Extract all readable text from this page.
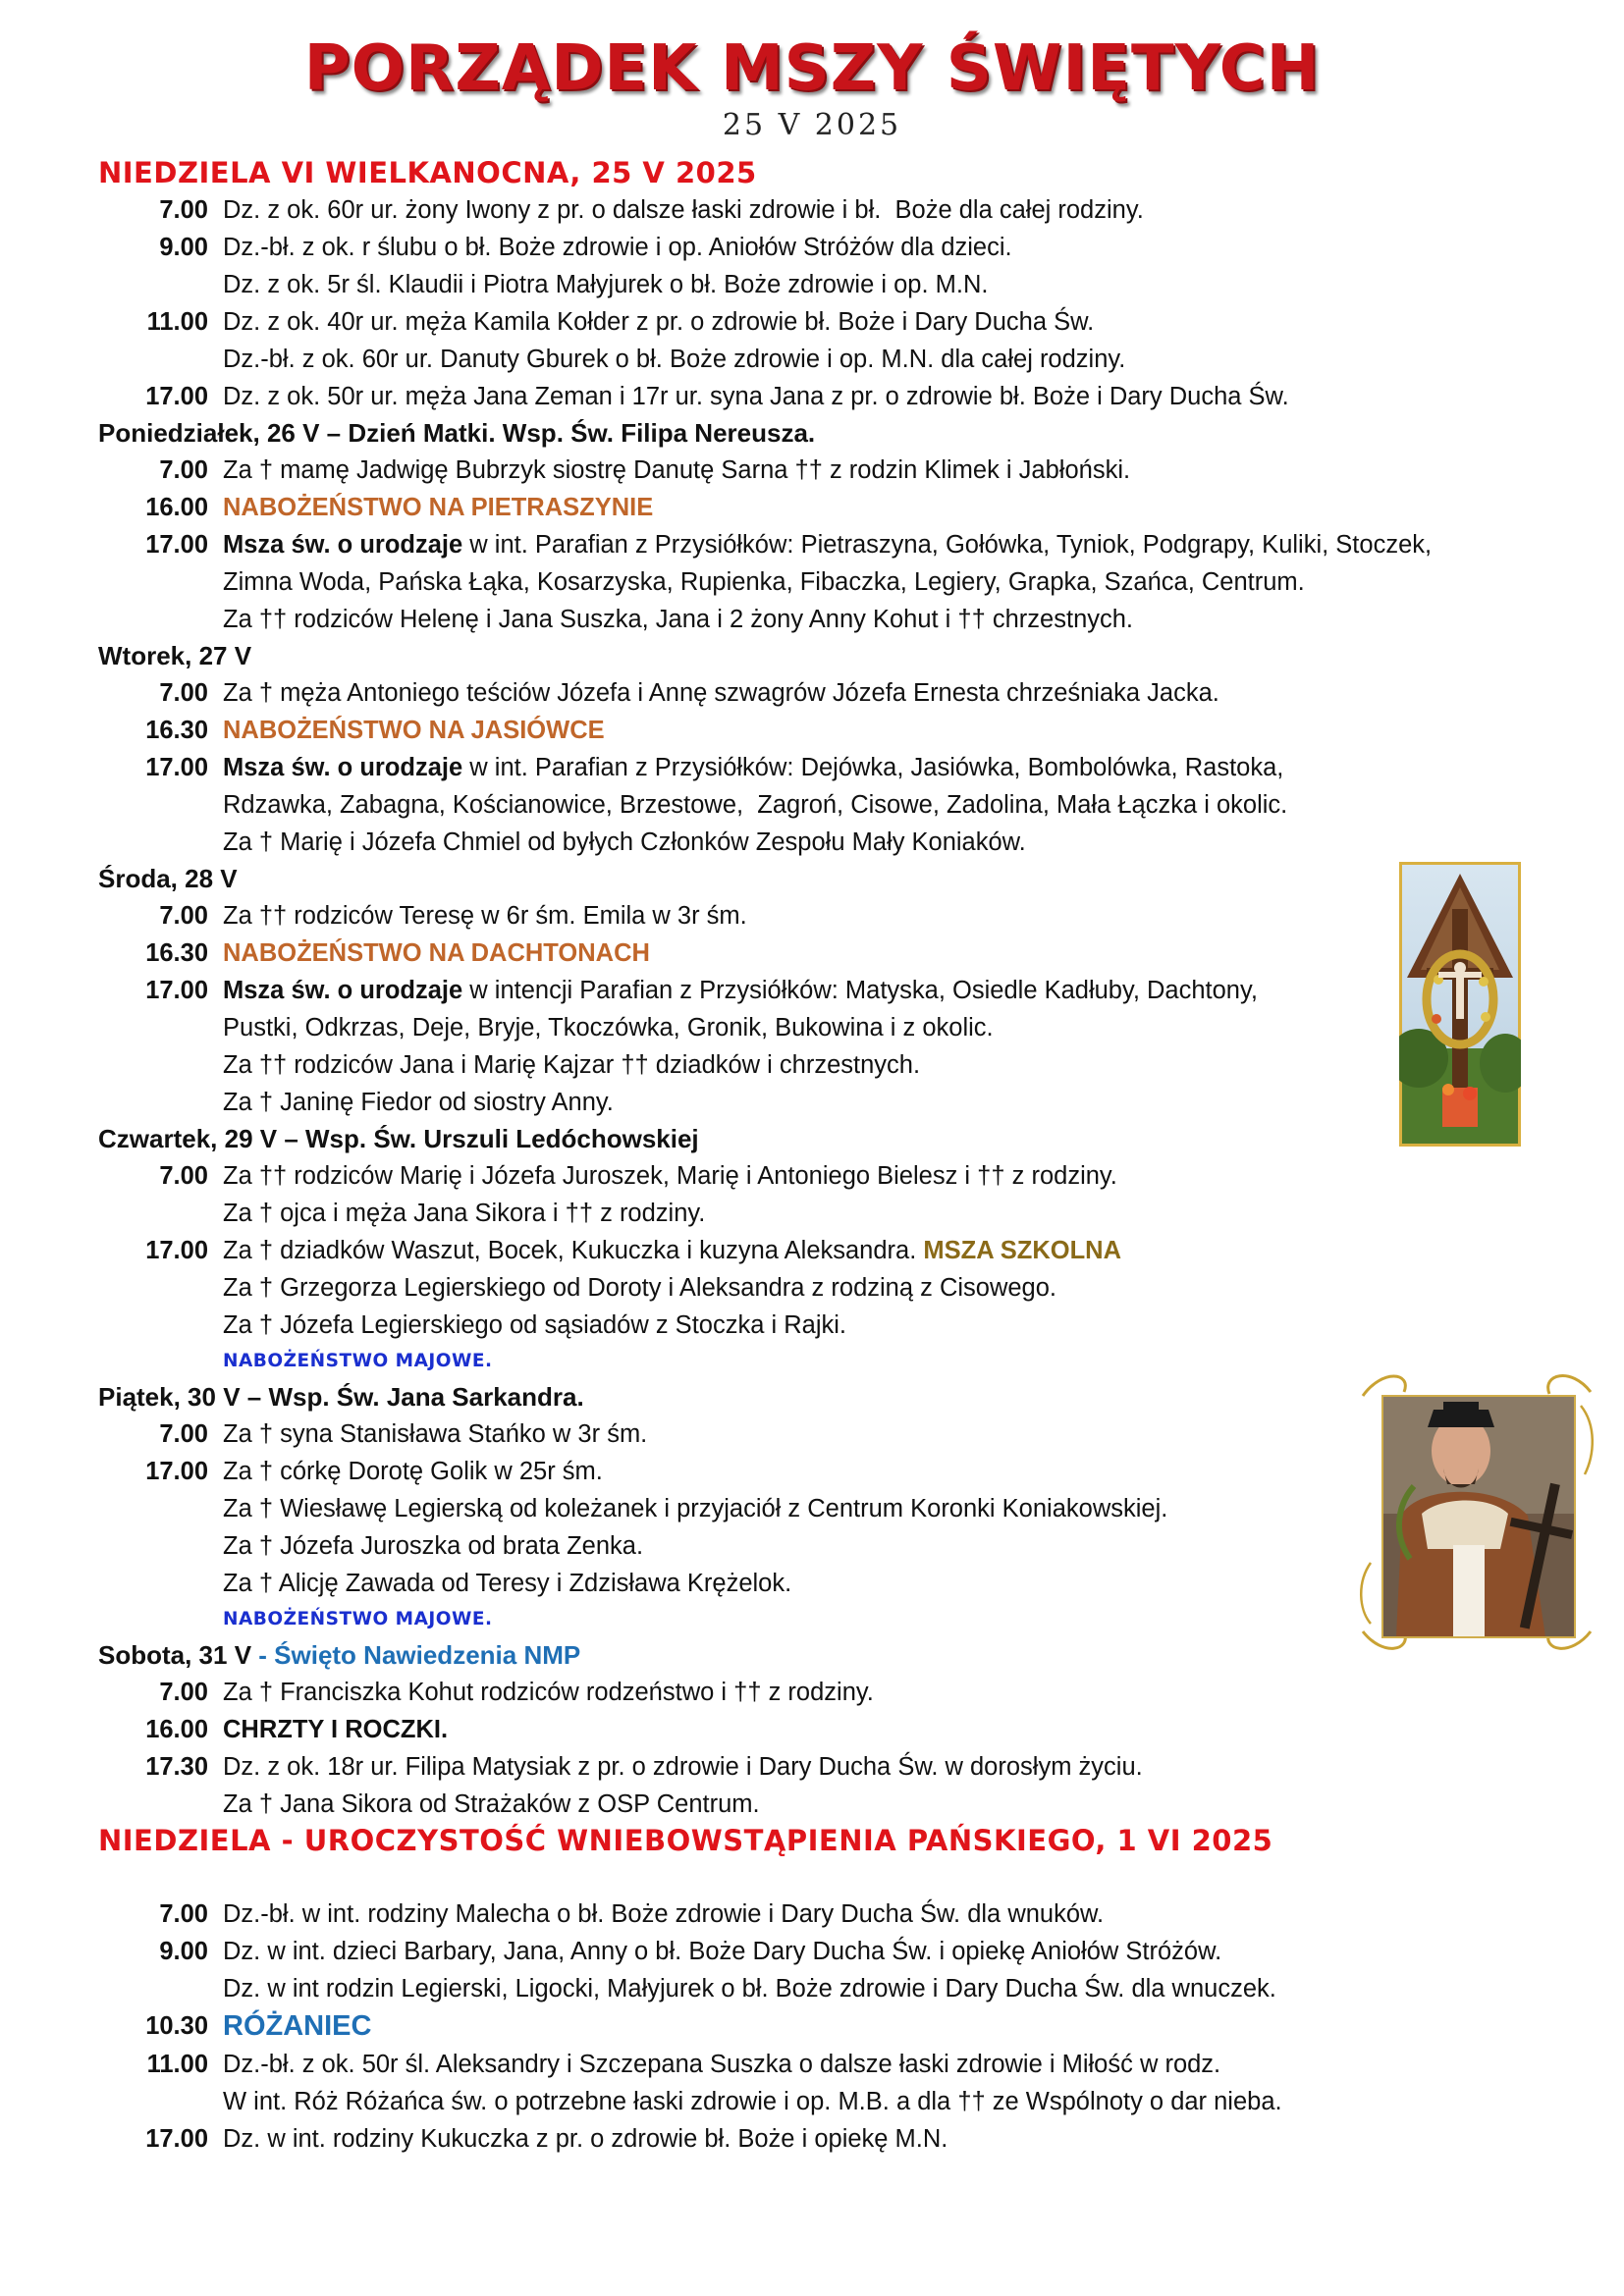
PORZĄDEK MSZY ŚWIĘTYCH
25 V 2025
NIEDZIELA VI WIELKANOCNA, 25 V 2025
7.00 Dz. z ok. 60r ur. żony Iwony z pr. o dalsze łaski zdrowie i bł.  Boże dla całej rodziny.
9.00 Dz.-bł. z ok. r ślubu o bł. Boże zdrowie i op. Aniołów Stróżów dla dzieci.
Dz. z ok. 5r śl. Klaudii i Piotra Małyjurek o bł. Boże zdrowie i op. M.N.
11.00 Dz. z ok. 40r ur. męża Kamila Kołder z pr. o zdrowie bł. Boże i Dary Ducha Św.
Dz.-bł. z ok. 60r ur. Danuty Gburek o bł. Boże zdrowie i op. M.N. dla całej rodziny.
17.00 Dz. z ok. 50r ur. męża Jana Zeman i 17r ur. syna Jana z pr. o zdrowie bł. Boże i Dary Ducha Św.
Poniedziałek, 26 V – Dzień Matki. Wsp. Św. Filipa Nereusza.
7.00 Za † mamę Jadwigę Bubrzyk siostrę Danutę Sarna †† z rodzin Klimek i Jabłoński.
16.00 NABOŻEŃSTWO NA PIETRASZYNIE
17.00 Msza św. o urodzaje w int. Parafian z Przysiółków: Pietraszyna, Gołówka, Tyniok, Podgrapy, Kuliki, Stoczek,
Zimna Woda, Pańska Łąka, Kosarzyska, Rupienka, Fibaczka, Legiery, Grapka, Szańca, Centrum.
Za †† rodziców Helenę i Jana Suszka, Jana i 2 żony Anny Kohut i †† chrzestnych.
Wtorek, 27 V
7.00 Za † męża Antoniego teściów Józefa i Annę szwagrów Józefa Ernesta chrześniaka Jacka.
16.30 NABOŻEŃSTWO NA JASIÓWCE
17.00 Msza św. o urodzaje w int. Parafian z Przysiółków: Dejówka, Jasiówka, Bombolówka, Rastoka,
Rdzawka, Zabagna, Kościanowice, Brzestowe,  Zagroń, Cisowe, Zadolina, Mała Łączka i okolic.
Za † Marię i Józefa Chmiel od byłych Członków Zespołu Mały Koniaków.
Środa, 28 V
7.00 Za †† rodziców Teresę w 6r śm. Emila w 3r śm.
16.30 NABOŻEŃSTWO NA DACHTONACH
17.00 Msza św. o urodzaje w intencji Parafian z Przysiółków: Matyska, Osiedle Kadłuby, Dachtony,
Pustki, Odkrzas, Deje, Bryje, Tkoczówka, Gronik, Bukowina i z okolic.
Za †† rodziców Jana i Marię Kajzar †† dziadków i chrzestnych.
Za † Janinę Fiedor od siostry Anny.
Czwartek, 29 V – Wsp. Św. Urszuli Ledóchowskiej
7.00 Za †† rodziców Marię i Józefa Juroszek, Marię i Antoniego Bielesz i †† z rodziny.
Za † ojca i męża Jana Sikora i †† z rodziny.
17.00 Za † dziadków Waszut, Bocek, Kukuczka i kuzyna Aleksandra. MSZA SZKOLNA
Za † Grzegorza Legierskiego od Doroty i Aleksandra z rodziną z Cisowego.
Za † Józefa Legierskiego od sąsiadów z Stoczka i Rajki.
NABOŻEŃSTWO MAJOWE.
Piątek, 30 V – Wsp. Św. Jana Sarkandra.
7.00 Za † syna Stanisława Stańko w 3r śm.
17.00 Za † córkę Dorotę Golik w 25r śm.
Za † Wiesławę Legierską od koleżanek i przyjaciół z Centrum Koronki Koniakowskiej.
Za † Józefa Juroszka od brata Zenka.
Za † Alicję Zawada od Teresy i Zdzisława Krężelok.
NABOŻEŃSTWO MAJOWE.
Sobota, 31 V - Święto Nawiedzenia NMP
7.00 Za † Franciszka Kohut rodziców rodzeństwo i †† z rodziny.
16.00 CHRZTY I ROCZKI.
17.30 Dz. z ok. 18r ur. Filipa Matysiak z pr. o zdrowie i Dary Ducha Św. w dorosłym życiu.
Za † Jana Sikora od Strażaków z OSP Centrum.
NIEDZIELA - UROCZYSTOŚĆ WNIEBOWSTĄPIENIA PAŃSKIEGO, 1 VI 2025
7.00 Dz.-bł. w int. rodziny Malecha o bł. Boże zdrowie i Dary Ducha Św. dla wnuków.
9.00 Dz. w int. dzieci Barbary, Jana, Anny o bł. Boże Dary Ducha Św. i opiekę Aniołów Stróżów.
Dz. w int rodzin Legierski, Ligocki, Małyjurek o bł. Boże zdrowie i Dary Ducha Św. dla wnuczek.
10.30 RÓŻANIEC
11.00 Dz.-bł. z ok. 50r śl. Aleksandry i Szczepana Suszka o dalsze łaski zdrowie i Miłość w rodz.
W int. Róż Różańca św. o potrzebne łaski zdrowie i op. M.B. a dla †† ze Wspólnoty o dar nieba.
17.00 Dz. w int. rodziny Kukuczka z pr. o zdrowie bł. Boże i opiekę M.N.
